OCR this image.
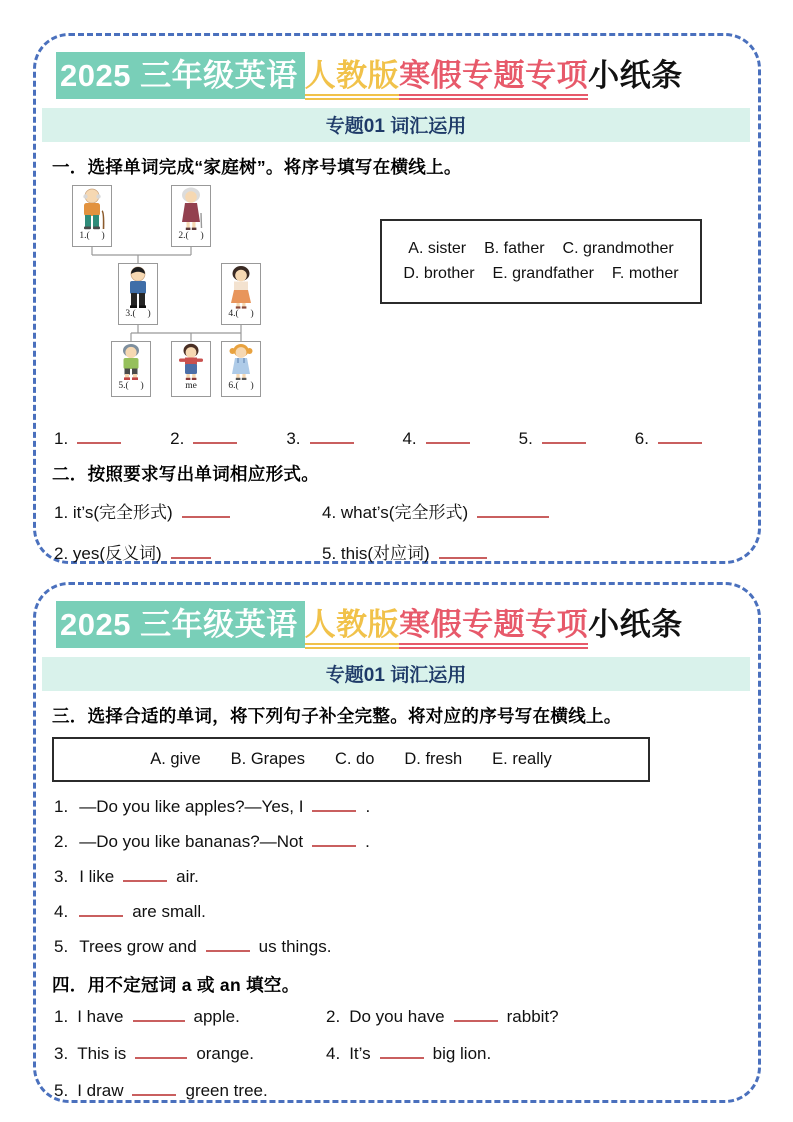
2025 三年级英语 人教版寒假专题专项小纸条
专题01 词汇运用
一．选择单词完成“家庭树”。将序号填写在横线上。
1.(     )	2.(     )
3.(     )	4.(     )
5.(     )	me	6.(     )
A. sister B. father C. grandmother
D. brother E. grandfather F. mother
1.	2.	3.	4.	5.	6.
二．按照要求写出单词相应形式。
1. it’s(完全形式)	4. what’s(完全形式)
2. yes(反义词)	5. this(对应词)
2025 三年级英语 人教版寒假专题专项小纸条
专题01 词汇运用
三．选择合适的单词，将下列句子补全完整。将对应的序号写在横线上。
A. give B. Grapes C. do D. fresh E. really
1. —Do you like apples?—Yes, I	.
2. —Do you like bananas?—Not	.
3. I like	air.
4.	are small.
5. Trees grow and	us things.
四．用不定冠词 a 或 an 填空。
1. I have	apple.	2. Do you have	rabbit?
3. This is	orange.	4. It’s	big lion.
5. I draw	green tree.
